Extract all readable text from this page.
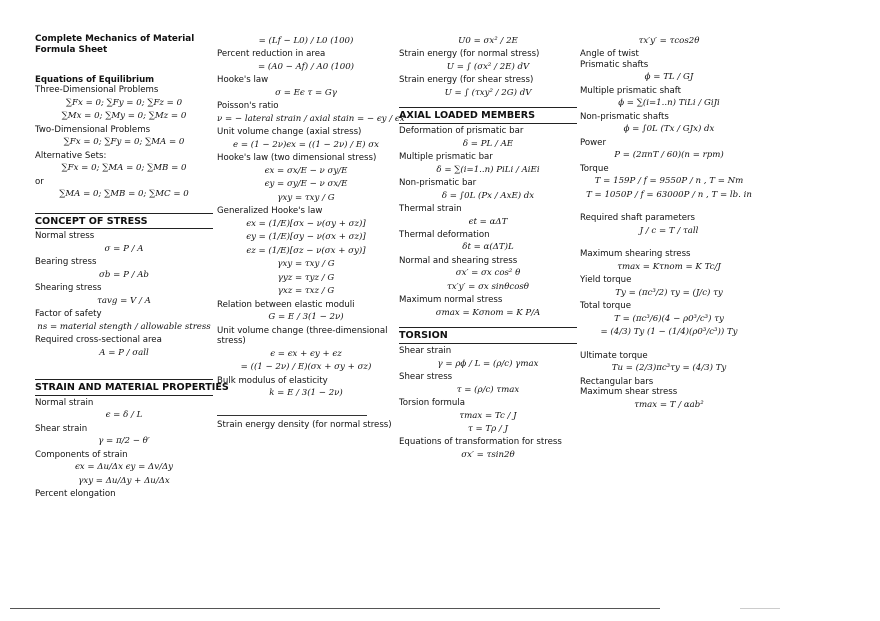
Complete Mechanics of Material Formula Sheet
Equations of Equilibrium
Three-Dimensional Problems
∑Fx = 0; ∑Fy = 0; ∑Fz = 0
∑Mx = 0; ∑My = 0; ∑Mz = 0
Two-Dimensional Problems
∑Fx = 0; ∑Fy = 0; ∑MA = 0
Alternative Sets:
∑Fx = 0; ∑MA = 0; ∑MB = 0
or
∑MA = 0; ∑MB = 0; ∑MC = 0
CONCEPT OF STRESS
Normal stress
σ = P / A
Bearing stress
σb = P / Ab
Shearing stress
τavg = V / A
Factor of safety
ns = material stength / allowable stress
Required cross-sectional area
A = P / σall
STRAIN AND MATERIAL PROPERTIES
Normal strain
ϵ = δ / L
Shear strain
γ = π/2 − θ′
Components of strain
ϵx = Δu/Δx ϵy = Δv/Δy
γxy = Δu/Δy + Δu/Δx
Percent elongation
= (Lf − L0) / L0 (100)
Percent reduction in area
= (A0 − Af) / A0 (100)
Hooke's law
σ = Eϵ τ = Gγ
Poisson's ratio
ν = − lateral strain / axial stain = − ϵy / ϵx
Unit volume change (axial stress)
e = (1 − 2ν)ϵx = ((1 − 2ν) / E) σx
Hooke's law (two dimensional stress)
ϵx = σx/E − ν σy/E
ϵy = σy/E − ν σx/E
γxy = τxy / G
Generalized Hooke's law
ϵx = (1/E)[σx − ν(σy + σz)]
ϵy = (1/E)[σy − ν(σx + σz)]
ϵz = (1/E)[σz − ν(σx + σy)]
γxy = τxy / G
γyz = τyz / G
γxz = τxz / G
Relation between elastic moduli
G = E / 3(1 − 2ν)
Unit volume change (three-dimensional stress)
ϵ = ϵx + ϵy + ϵz
= ((1 − 2ν) / E)(σx + σy + σz)
Bulk modulus of elasticity
k = E / 3(1 − 2ν)
Strain energy density (for normal stress)
U0 = σx² / 2E
Strain energy (for normal stress)
U = ∫ (σx² / 2E) dV
Strain energy (for shear stress)
U = ∫ (τxy² / 2G) dV
AXIAL LOADED MEMBERS
Deformation of prismatic bar
δ = PL / AE
Multiple prismatic bar
δ = ∑(i=1..n) PiLi / AiEi
Non-prismatic bar
δ = ∫0L (Px / AxE) dx
Thermal strain
ϵt = αΔT
Thermal deformation
δt = α(ΔT)L
Normal and shearing stress
σx′ = σx cos² θ
τx′y′ = σx sinθcosθ
Maximum normal stress
σmax = Kσnom = K P/A
TORSION
Shear strain
γ = ρϕ / L = (ρ/c) γmax
Shear stress
τ = (ρ/c) τmax
Torsion formula
τmax = Tc / J
τ = Tρ / J
Equations of transformation for stress
σx′ = τsin2θ
τx′y′ = τcos2θ
Angle of twist
Prismatic shafts
ϕ = TL / GJ
Multiple prismatic shaft
ϕ = ∑(i=1..n) TiLi / GiJi
Non-prismatic shafts
ϕ = ∫0L (Tx / GJx) dx
Power
P = (2πnT / 60)(n = rpm)
Torque
T = 159P / f = 9550P / n , T = Nm
T = 1050P / f = 63000P / n , T = lb. in
Required shaft parameters
J / c = T / τall
Maximum shearing stress
τmax = Kτnom = K Tc/J
Yield torque
Ty = (πc³/2) τy = (J/c) τy
Total torque
T = (πc³/6)(4 − ρ0³/c³) τy
= (4/3) Ty (1 − (1/4)(ρ0³/c³)) Ty
Ultimate torque
Tu = (2/3)πc³τy = (4/3) Ty
Rectangular bars
Maximum shear stress
τmax = T / αab²
